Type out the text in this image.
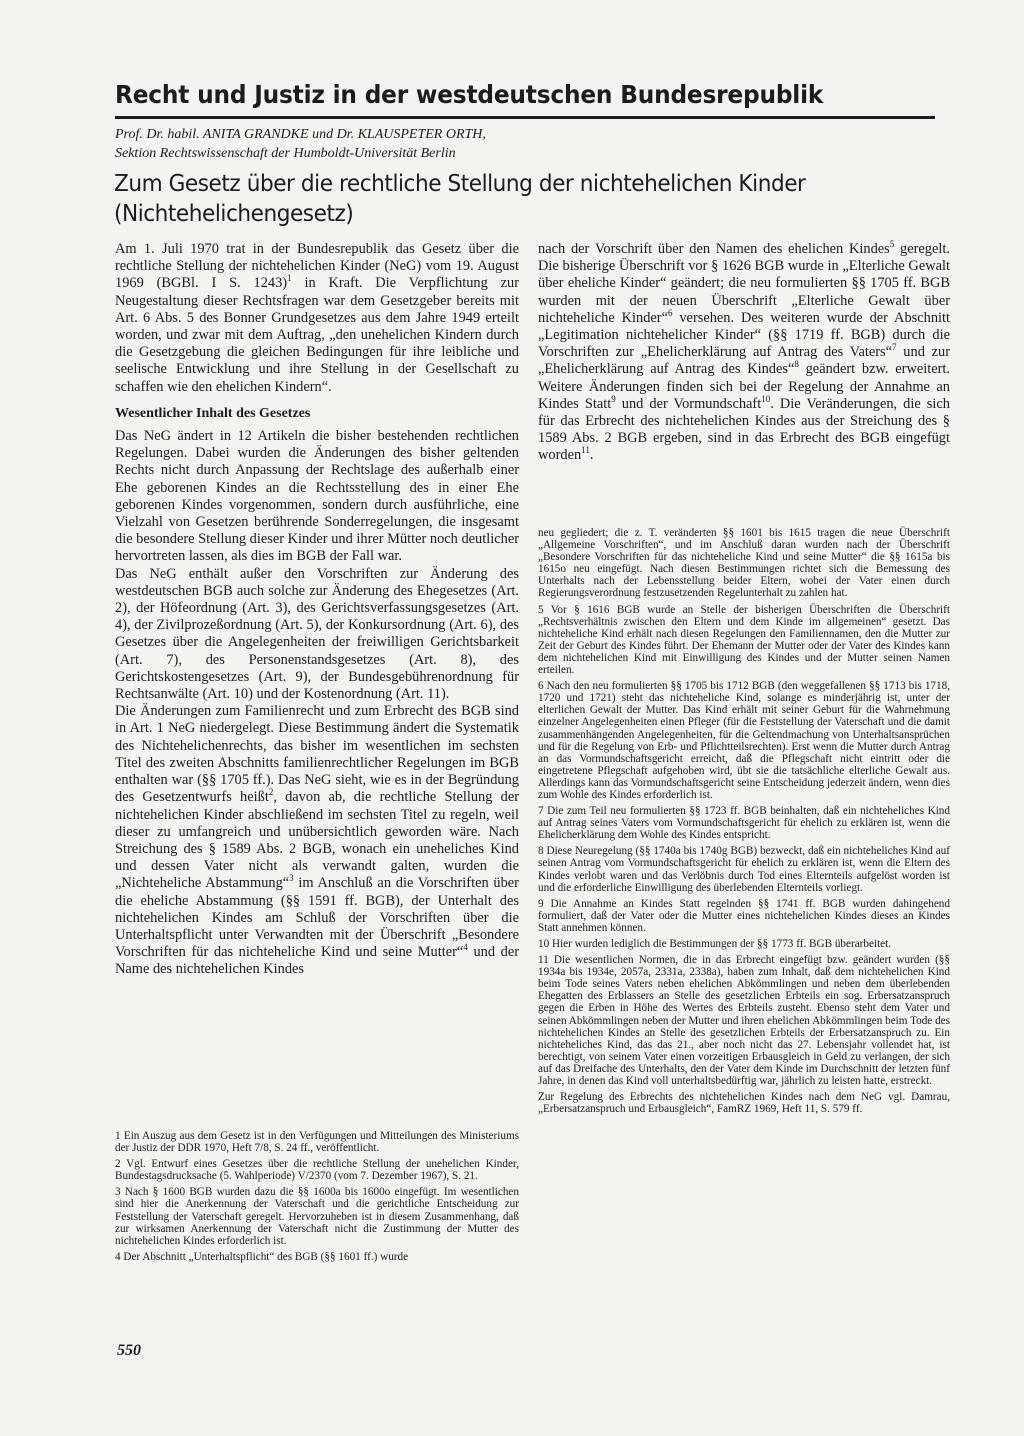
Recht und Justiz in der westdeutschen Bundesrepublik
Prof. Dr. habil. ANITA GRANDKE und Dr. KLAUSPETER ORTH,
Sektion Rechtswissenschaft der Humboldt-Universität Berlin
Zum Gesetz über die rechtliche Stellung der nichtehelichen Kinder
(Nichtehelichengesetz)

Am 1. Juli 1970 trat in der Bundesrepublik das Gesetz über die rechtliche Stellung der nichtehelichen Kinder (NeG) vom 19. August 1969 (BGBl. I S. 1243)$^1$ in Kraft. Die Verpflichtung zur Neugestaltung dieser Rechtsfragen war dem Gesetzgeber bereits mit Art. 6 Abs. 5 des Bonner Grundgesetzes aus dem Jahre 1949 erteilt worden, und zwar mit dem Auftrag, „den unehelichen Kindern durch die Gesetzgebung die gleichen Bedingungen für ihre leibliche und seelische Entwicklung und ihre Stellung in der Gesellschaft zu schaffen wie den ehelichen Kindern“.

Wesentlicher Inhalt des Gesetzes

Das NeG ändert in 12 Artikeln die bisher bestehenden rechtlichen Regelungen. Dabei wurden die Änderungen des bisher geltenden Rechts nicht durch Anpassung der Rechtslage des außerhalb einer Ehe geborenen Kindes an die Rechtsstellung des in einer Ehe geborenen Kindes vorgenommen, sondern durch ausführliche, eine Vielzahl von Gesetzen berührende Sonderregelungen, die insgesamt die besondere Stellung dieser Kinder und ihrer Mütter noch deutlicher hervortreten lassen, als dies im BGB der Fall war.

Das NeG enthält außer den Vorschriften zur Änderung des westdeutschen BGB auch solche zur Änderung des Ehegesetzes (Art. 2), der Höfeordnung (Art. 3), des Gerichtsverfassungsgesetzes (Art. 4), der Zivilprozeßordnung (Art. 5), der Konkursordnung (Art. 6), des Gesetzes über die Angelegenheiten der freiwilligen Gerichtsbarkeit (Art. 7), des Personenstandsgesetzes (Art. 8), des Gerichtskostengesetzes (Art. 9), der Bundesgebührenordnung für Rechtsanwälte (Art. 10) und der Kostenordnung (Art. 11).

Die Änderungen zum Familienrecht und zum Erbrecht des BGB sind in Art. 1 NeG niedergelegt. Diese Bestimmung ändert die Systematik des Nichtehelichenrechts, das bisher im wesentlichen im sechsten Titel des zweiten Abschnitts familienrechtlicher Regelungen im BGB enthalten war (§§ 1705 ff.). Das NeG sieht, wie es in der Begründung des Gesetzentwurfs heißt$^2$, davon ab, die rechtliche Stellung der nichtehelichen Kinder abschließend im sechsten Titel zu regeln, weil dieser zu umfangreich und unübersichtlich geworden wäre. Nach Streichung des § 1589 Abs. 2 BGB, wonach ein uneheliches Kind und dessen Vater nicht als verwandt galten, wurden die „Nichteheliche Abstammung“$^3$ im Anschluß an die Vorschriften über die eheliche Abstammung (§§ 1591 ff. BGB), der Unterhalt des nichtehelichen Kindes am Schluß der Vorschriften über die Unterhaltspflicht unter Verwandten mit der Überschrift „Besondere Vorschriften für das nichteheliche Kind und seine Mutter“$^4$ und der Name des nichtehelichen Kindes

nach der Vorschrift über den Namen des ehelichen Kindes$^5$ geregelt. Die bisherige Überschrift vor § 1626 BGB wurde in „Elterliche Gewalt über eheliche Kinder“ geändert; die neu formulierten §§ 1705 ff. BGB wurden mit der neuen Überschrift „Elterliche Gewalt über nichteheliche Kinder“$^6$ versehen. Des weiteren wurde der Abschnitt „Legitimation nichtehelicher Kinder“ (§§ 1719 ff. BGB) durch die Vorschriften zur „Ehelicherklärung auf Antrag des Vaters“$^7$ und zur „Ehelicherklärung auf Antrag des Kindes“$^8$ geändert bzw. erweitert. Weitere Änderungen finden sich bei der Regelung der Annahme an Kindes Statt$^9$ und der Vormundschaft$^{10}$. Die Veränderungen, die sich für das Erbrecht des nichtehelichen Kindes aus der Streichung des § 1589 Abs. 2 BGB ergeben, sind in das Erbrecht des BGB eingefügt worden$^{11}$.

neu gegliedert; die z. T. veränderten §§ 1601 bis 1615 tragen die neue Überschrift „Allgemeine Vorschriften“, und im Anschluß daran wurden nach der Überschrift „Besondere Vorschriften für das nichteheliche Kind und seine Mutter“ die §§ 1615a bis 1615o neu eingefügt. Nach diesen Bestimmungen richtet sich die Bemessung des Unterhalts nach der Lebensstellung beider Eltern, wobei der Vater einen durch Regierungsverordnung festzusetzenden Regelunterhalt zu zahlen hat.

5 Vor § 1616 BGB wurde an Stelle der bisherigen Überschriften die Überschrift „Rechtsverhältnis zwischen den Eltern und dem Kinde im allgemeinen“ gesetzt. Das nichteheliche Kind erhält nach diesen Regelungen den Familiennamen, den die Mutter zur Zeit der Geburt des Kindes führt. Der Ehemann der Mutter oder der Vater des Kindes kann dem nichtehelichen Kind mit Einwilligung des Kindes und der Mutter seinen Namen erteilen.

6 Nach den neu formulierten §§ 1705 bis 1712 BGB (den weggefallenen §§ 1713 bis 1718, 1720 und 1721) steht das nichteheliche Kind, solange es minderjährig ist, unter der elterlichen Gewalt der Mutter. Das Kind erhält mit seiner Geburt für die Wahrnehmung einzelner Angelegenheiten einen Pfleger (für die Feststellung der Vaterschaft und die damit zusammenhängenden Angelegenheiten, für die Geltendmachung von Unterhaltsansprüchen und für die Regelung von Erb- und Pflichtteilsrechten). Erst wenn die Mutter durch Antrag an das Vormundschaftsgericht erreicht, daß die Pflegschaft nicht eintritt oder die eingetretene Pflegschaft aufgehoben wird, übt sie die tatsächliche elterliche Gewalt aus. Allerdings kann das Vormundschaftsgericht seine Entscheidung jederzeit ändern, wenn dies zum Wohle des Kindes erforderlich ist.

7 Die zum Teil neu formulierten §§ 1723 ff. BGB beinhalten, daß ein nichteheliches Kind auf Antrag seines Vaters vom Vormundschaftsgericht für ehelich zu erklären ist, wenn die Ehelicherklärung dem Wohle des Kindes entspricht.

8 Diese Neuregelung (§§ 1740a bis 1740g BGB) bezweckt, daß ein nichteheliches Kind auf seinen Antrag vom Vormundschaftsgericht für ehelich zu erklären ist, wenn die Eltern des Kindes verlobt waren und das Verlöbnis durch Tod eines Elternteils aufgelöst worden ist und die erforderliche Einwilligung des überlebenden Elternteils vorliegt.

9 Die Annahme an Kindes Statt regelnden §§ 1741 ff. BGB wurden dahingehend formuliert, daß der Vater oder die Mutter eines nichtehelichen Kindes dieses an Kindes Statt annehmen können.

10 Hier wurden lediglich die Bestimmungen der §§ 1773 ff. BGB überarbeitet.

11 Die wesentlichen Normen, die in das Erbrecht eingefügt bzw. geändert wurden (§§ 1934a bis 1934e, 2057a, 2331a, 2338a), haben zum Inhalt, daß dem nichtehelichen Kind beim Tode seines Vaters neben ehelichen Abkömmlingen und neben dem überlebenden Ehegatten des Erblassers an Stelle des gesetzlichen Erbteils ein sog. Erbersatzanspruch gegen die Erben in Höhe des Wertes des Erbteils zusteht. Ebenso steht dem Vater und seinen Abkömmlingen neben der Mutter und ihren ehelichen Abkömmlingen beim Tode des nichtehelichen Kindes an Stelle des gesetzlichen Erbteils der Erbersatzanspruch zu. Ein nichteheliches Kind, das das 21., aber noch nicht das 27. Lebensjahr vollendet hat, ist berechtigt, von seinem Vater einen vorzeitigen Erbausgleich in Geld zu verlangen, der sich auf das Dreifache des Unterhalts, den der Vater dem Kinde im Durchschnitt der letzten fünf Jahre, in denen das Kind voll unterhaltsbedürftig war, jährlich zu leisten hatte, erstreckt.

Zur Regelung des Erbrechts des nichtehelichen Kindes nach dem NeG vgl. Damrau, „Erbersatzanspruch und Erbausgleich“, FamRZ 1969, Heft 11, S. 579 ff.

1 Ein Auszug aus dem Gesetz ist in den Verfügungen und Mitteilungen des Ministeriums der Justiz der DDR 1970, Heft 7/8, S. 24 ff., veröffentlicht.

2 Vgl. Entwurf eines Gesetzes über die rechtliche Stellung der unehelichen Kinder, Bundestagsdrucksache (5. Wahlperiode) V/2370 (vom 7. Dezember 1967), S. 21.

3 Nach § 1600 BGB wurden dazu die §§ 1600a bis 1600o eingefügt. Im wesentlichen sind hier die Anerkennung der Vaterschaft und die gerichtliche Entscheidung zur Feststellung der Vaterschaft geregelt. Hervorzuheben ist in diesem Zusammenhang, daß zur wirksamen Anerkennung der Vaterschaft nicht die Zustimmung der Mutter des nichtehelichen Kindes erforderlich ist.

4 Der Abschnitt „Unterhaltspflicht“ des BGB (§§ 1601 ff.) wurde

550
